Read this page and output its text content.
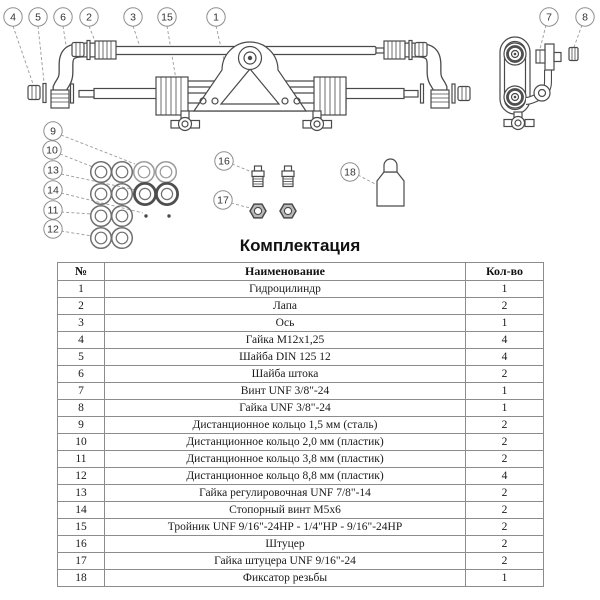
4 5 6 2	3 15	1	7	8
9
10
13
14
11
12
16
17
18
Комплектация
№	Наименование	Кол-во
1	Гидроцилиндр	1
2	Лапа	2
3	Ось	1
4	Гайка М12х1,25	4
5	Шайба DIN 125 12	4
6	Шайба штока	2
7	Винт UNF 3/8"-24	1
8	Гайка UNF 3/8"-24	1
9	Дистанционное кольцо 1,5 мм (сталь)	2
10	Дистанционное кольцо 2,0 мм (пластик)	2
11	Дистанционное кольцо 3,8 мм (пластик)	2
12	Дистанционное кольцо 8,8 мм (пластик)	4
13	Гайка регулировочная UNF 7/8"-14	2
14	Стопорный винт М5х6	2
15	Тройник UNF 9/16"-24НР - 1/4"НР - 9/16"-24НР	2
16	Штуцер	2
17	Гайка штуцера UNF 9/16"-24	2
18	Фиксатор резьбы	1
